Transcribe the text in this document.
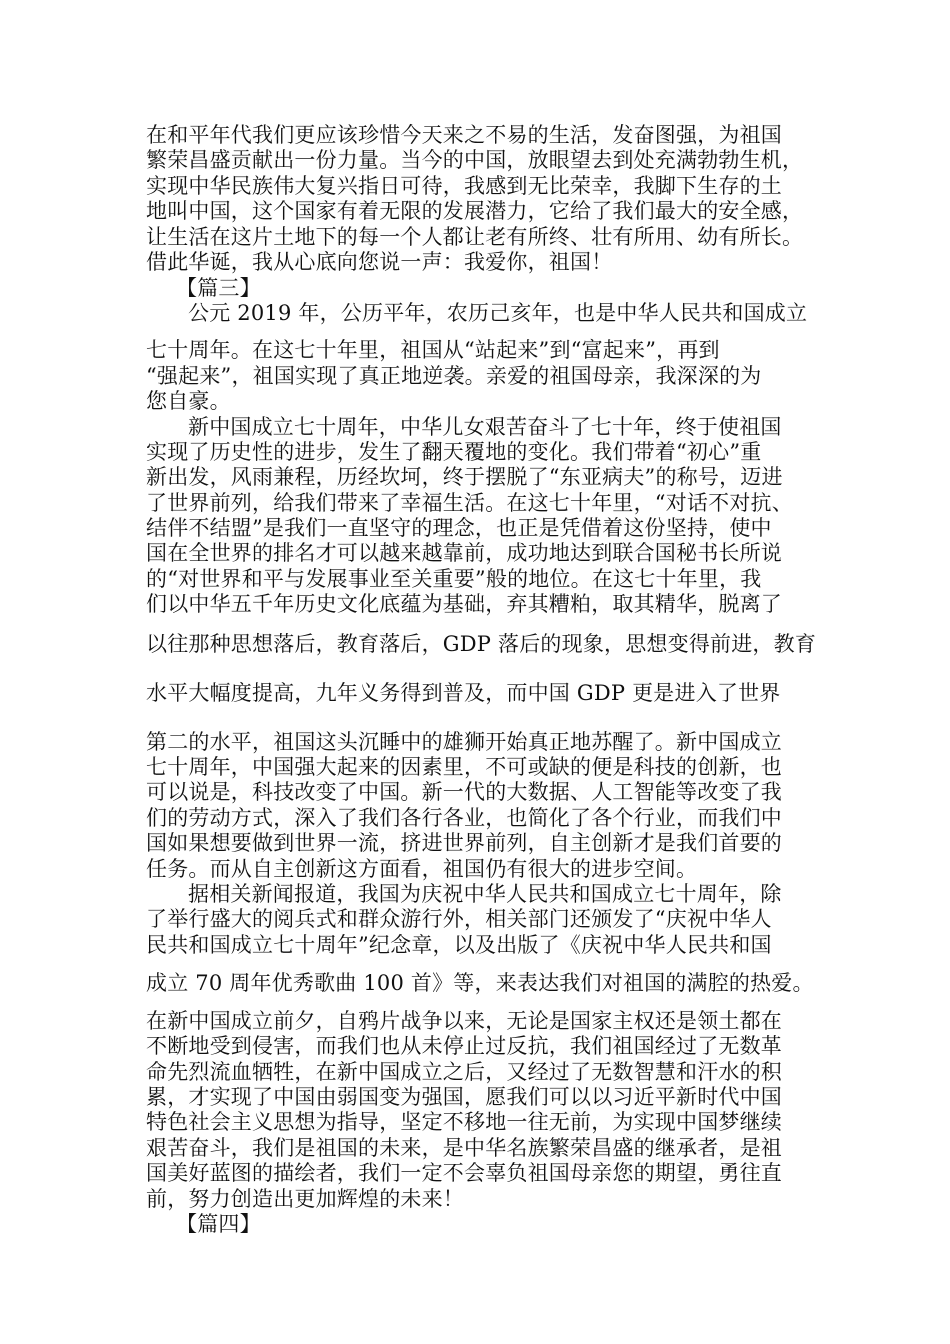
在和平年代我们更应该珍惜今天来之不易的生活，发奋图强，为祖国
繁荣昌盛贡献出一份力量。当今的中国，放眼望去到处充满勃勃生机，
实现中华民族伟大复兴指日可待，我感到无比荣幸，我脚下生存的土
地叫中国，这个国家有着无限的发展潜力，它给了我们最大的安全感，
让生活在这片土地下的每一个人都让老有所终、壮有所用、幼有所长。
借此华诞，我从心底向您说一声：我爱你，祖国！
【篇三】
公元 2019 年，公历平年，农历己亥年，也是中华人民共和国成立
七十周年。在这七十年里，祖国从“站起来”到“富起来”，再到
“强起来”，祖国实现了真正地逆袭。亲爱的祖国母亲，我深深的为
您自豪。
新中国成立七十周年，中华儿女艰苦奋斗了七十年，终于使祖国
实现了历史性的进步，发生了翻天覆地的变化。我们带着“初心”重
新出发，风雨兼程，历经坎坷，终于摆脱了“东亚病夫”的称号，迈进
了世界前列，给我们带来了幸福生活。在这七十年里，“对话不对抗、
结伴不结盟”是我们一直坚守的理念，也正是凭借着这份坚持，使中
国在全世界的排名才可以越来越靠前，成功地达到联合国秘书长所说
的“对世界和平与发展事业至关重要”般的地位。在这七十年里，我
们以中华五千年历史文化底蕴为基础，弃其糟粕，取其精华，脱离了
以往那种思想落后，教育落后，GDP 落后的现象，思想变得前进，教育
水平大幅度提高，九年义务得到普及，而中国 GDP 更是进入了世界
第二的水平，祖国这头沉睡中的雄狮开始真正地苏醒了。新中国成立
七十周年，中国强大起来的因素里，不可或缺的便是科技的创新，也
可以说是，科技改变了中国。新一代的大数据、人工智能等改变了我
们的劳动方式，深入了我们各行各业，也简化了各个行业，而我们中
国如果想要做到世界一流，挤进世界前列，自主创新才是我们首要的
任务。而从自主创新这方面看，祖国仍有很大的进步空间。
据相关新闻报道，我国为庆祝中华人民共和国成立七十周年，除
了举行盛大的阅兵式和群众游行外，相关部门还颁发了“庆祝中华人
民共和国成立七十周年”纪念章，以及出版了《庆祝中华人民共和国
成立 70 周年优秀歌曲 100 首》等，来表达我们对祖国的满腔的热爱。
在新中国成立前夕，自鸦片战争以来，无论是国家主权还是领土都在
不断地受到侵害，而我们也从未停止过反抗，我们祖国经过了无数革
命先烈流血牺牲，在新中国成立之后，又经过了无数智慧和汗水的积
累，才实现了中国由弱国变为强国，愿我们可以以习近平新时代中国
特色社会主义思想为指导，坚定不移地一往无前，为实现中国梦继续
艰苦奋斗，我们是祖国的未来，是中华名族繁荣昌盛的继承者，是祖
国美好蓝图的描绘者，我们一定不会辜负祖国母亲您的期望，勇往直
前，努力创造出更加辉煌的未来！
【篇四】
